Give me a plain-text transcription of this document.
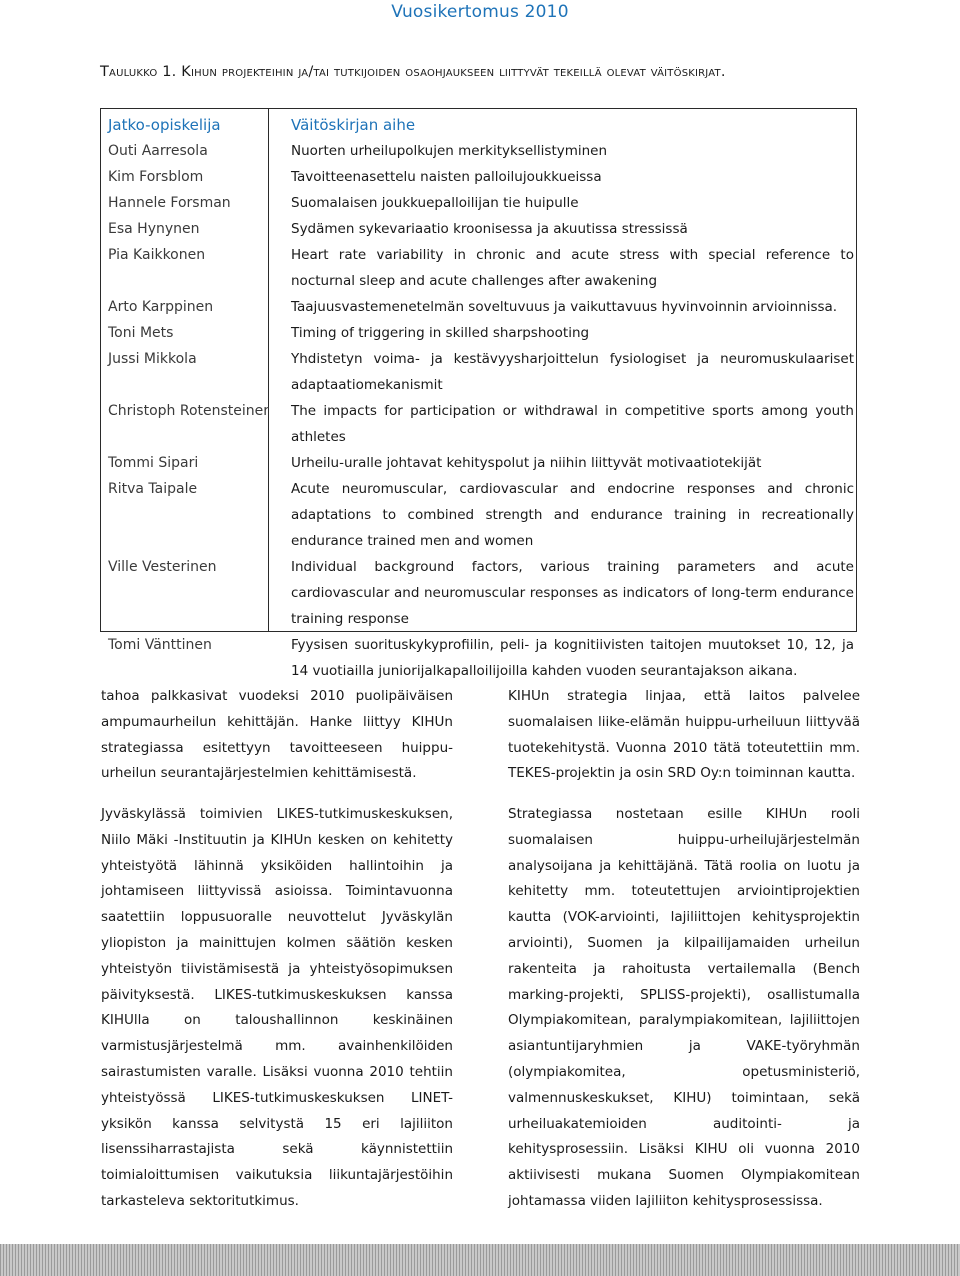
Vuosikertomus 2010
Taulukko 1. Kihun projekteihin ja/tai tutkijoiden osaohjaukseen liittyvät tekeillä olevat väitöskirjat.
Jatko-opiskelija	Väitöskirjan aihe
Outi Aarresola	Nuorten urheilupolkujen merkityksellistyminen
Kim Forsblom	Tavoitteenasettelu naisten palloilujoukkueissa
Hannele Forsman	Suomalaisen joukkuepalloilijan tie huipulle
Esa Hynynen	Sydämen sykevariaatio kroonisessa ja akuutissa stressissä
Pia Kaikkonen	Heart rate variability in chronic and acute stress with special reference to nocturnal sleep and acute challenges after awakening
Arto Karppinen	Taajuusvastemenetelmän soveltuvuus ja vaikuttavuus hyvinvoinnin arvioinnissa.
Toni Mets	Timing of triggering in skilled sharpshooting
Jussi Mikkola	Yhdistetyn voima- ja kestävyysharjoittelun fysiologiset ja neuromuskulaariset adaptaatiomekanismit
Christoph Rotensteiner	The impacts for participation or withdrawal in competitive sports among youth athletes
Tommi Sipari	Urheilu-uralle johtavat kehityspolut ja niihin liittyvät motivaatiotekijät
Ritva Taipale	Acute neuromuscular, cardiovascular and endocrine responses and chronic adaptations to combined strength and endurance training in recreationally endurance trained men and women
Ville Vesterinen	Individual background factors, various training parameters and acute cardiovascular and neuromuscular responses as indicators of long-term endurance training response
Tomi Vänttinen	Fyysisen suorituskykyprofiilin, peli- ja kognitiivisten taitojen muutokset 10, 12, ja 14 vuotiailla juniorijalkapalloilijoilla kahden vuoden seurantajakson aikana.

tahoa palkkasivat vuodeksi 2010 puolipäiväisen ampumaurheilun kehittäjän. Hanke liittyy KIHUn strategiassa esitettyyn tavoitteeseen huippu-urheilun seurantajärjestelmien kehittämisestä.

Jyväskylässä toimivien LIKES-tutkimuskeskuksen, Niilo Mäki -Instituutin ja KIHUn kesken on kehitetty yhteistyötä lähinnä yksiköiden hallintoihin ja johtamiseen liittyvissä asioissa. Toimintavuonna saatettiin loppusuoralle neuvottelut Jyväskylän yliopiston ja mainittujen kolmen säätiön kesken yhteistyön tiivistämisestä ja yhteistyösopimuksen päivityksestä. LIKES-tutkimuskeskuksen kanssa KIHUlla on taloushallinnon keskinäinen varmistusjärjestelmä mm. avainhenkilöiden sairastumisten varalle. Lisäksi vuonna 2010 tehtiin yhteistyössä LIKES-tutkimuskeskuksen LINET-yksikön kanssa selvitystä 15 eri lajiliiton lisenssiharrastajista sekä käynnistettiin toimialoittumisen vaikutuksia liikuntajärjestöihin tarkasteleva sektoritutkimus.

KIHUn strategia linjaa, että laitos palvelee suomalaisen liike-elämän huippu-urheiluun liittyvää tuotekehitystä. Vuonna 2010 tätä toteutettiin mm. TEKES-projektin ja osin SRD Oy:n toiminnan kautta.

Strategiassa nostetaan esille KIHUn rooli suomalaisen huippu-urheilujärjestelmän analysoijana ja kehittäjänä. Tätä roolia on luotu ja kehitetty mm. toteutettujen arviointiprojektien kautta (VOK-arviointi, lajiliittojen kehitysprojektin arviointi), Suomen ja kilpailijamaiden urheilun rakenteita ja rahoitusta vertailemalla (Bench marking-projekti, SPLISS-projekti), osallistumalla Olympiakomitean, paralympiakomitean, lajiliittojen asiantuntijaryhmien ja VAKE-työryhmän (olympiakomitea, opetusministeriö, valmennuskeskukset, KIHU) toimintaan, sekä urheiluakatemioiden auditointi- ja kehitysprosessiin. Lisäksi KIHU oli vuonna 2010 aktiivisesti mukana Suomen Olympiakomitean johtamassa viiden lajiliiton kehitysprosessissa.
